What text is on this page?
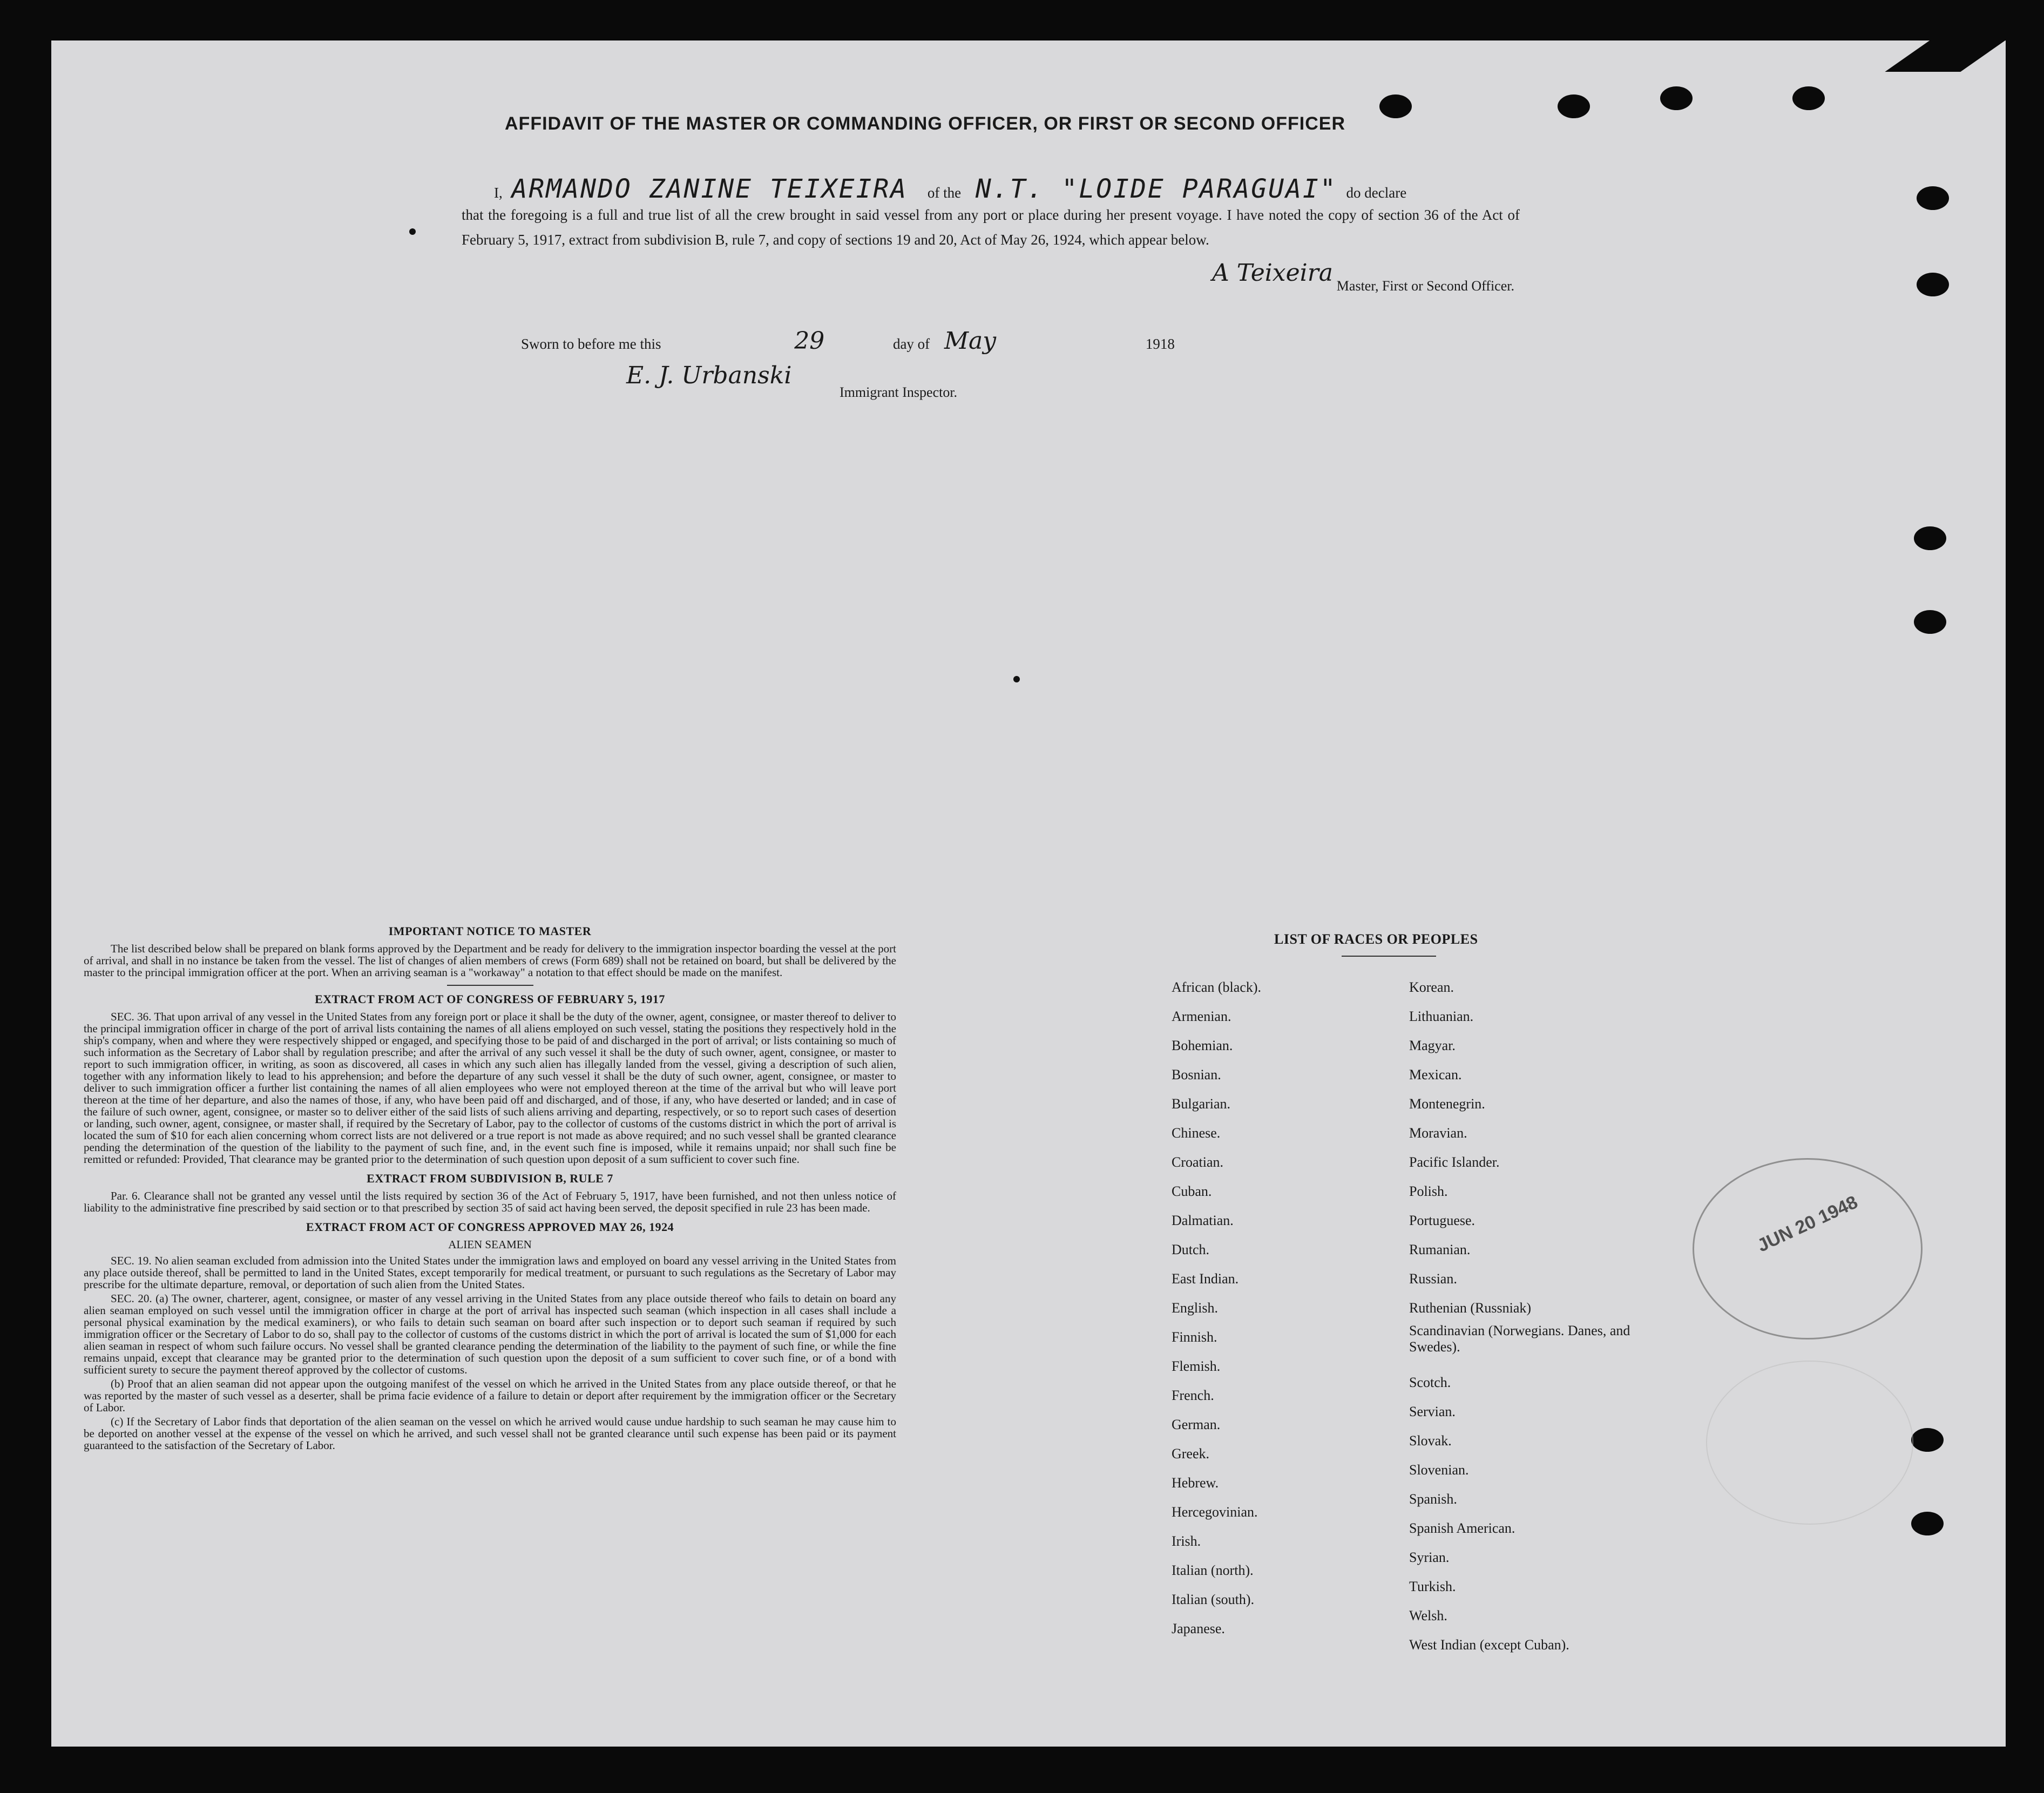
AFFIDAVIT OF THE MASTER OR COMMANDING OFFICER, OR FIRST OR SECOND OFFICER
I, ARMANDO ZANINE TEIXEIRA of the N.T. "LOIDE PARAGUAI" do declare
that the foregoing is a full and true list of all the crew brought in said vessel from any port or place during her present voyage. I have noted the copy of section 36 of the Act of February 5, 1917, extract from subdivision B, rule 7, and copy of sections 19 and 20, Act of May 26, 1924, which appear below.
A Teixeira Master, First or Second Officer.
Sworn to before me this	29	day of May	1918
E. J. Urbanski
Immigrant Inspector.
IMPORTANT NOTICE TO MASTER

The list described below shall be prepared on blank forms approved by the Department and be ready for delivery to the immigration inspector boarding the vessel at the port of arrival, and shall in no instance be taken from the vessel. The list of changes of alien members of crews (Form 689) shall not be retained on board, but shall be delivered by the master to the principal immigration officer at the port. When an arriving seaman is a "workaway" a notation to that effect should be made on the manifest.

EXTRACT FROM ACT OF CONGRESS OF FEBRUARY 5, 1917

SEC. 36. That upon arrival of any vessel in the United States from any foreign port or place it shall be the duty of the owner, agent, consignee, or master thereof to deliver to the principal immigration officer in charge of the port of arrival lists containing the names of all aliens employed on such vessel, stating the positions they respectively hold in the ship's company, when and where they were respectively shipped or engaged, and specifying those to be paid of and discharged in the port of arrival; or lists containing so much of such information as the Secretary of Labor shall by regulation prescribe; and after the arrival of any such vessel it shall be the duty of such owner, agent, consignee, or master to report to such immigration officer, in writing, as soon as discovered, all cases in which any such alien has illegally landed from the vessel, giving a description of such alien, together with any information likely to lead to his apprehension; and before the departure of any such vessel it shall be the duty of such owner, agent, consignee, or master to deliver to such immigration officer a further list containing the names of all alien employees who were not employed thereon at the time of the arrival but who will leave port thereon at the time of her departure, and also the names of those, if any, who have been paid off and discharged, and of those, if any, who have deserted or landed; and in case of the failure of such owner, agent, consignee, or master so to deliver either of the said lists of such aliens arriving and departing, respectively, or so to report such cases of desertion or landing, such owner, agent, consignee, or master shall, if required by the Secretary of Labor, pay to the collector of customs of the customs district in which the port of arrival is located the sum of $10 for each alien concerning whom correct lists are not delivered or a true report is not made as above required; and no such vessel shall be granted clearance pending the determination of the question of the liability to the payment of such fine, and, in the event such fine is imposed, while it remains unpaid; nor shall such fine be remitted or refunded: Provided, That clearance may be granted prior to the determination of such question upon deposit of a sum sufficient to cover such fine.

EXTRACT FROM SUBDIVISION B, RULE 7

Par. 6. Clearance shall not be granted any vessel until the lists required by section 36 of the Act of February 5, 1917, have been furnished, and not then unless notice of liability to the administrative fine prescribed by said section or to that prescribed by section 35 of said act having been served, the deposit specified in rule 23 has been made.

EXTRACT FROM ACT OF CONGRESS APPROVED MAY 26, 1924
ALIEN SEAMEN

SEC. 19. No alien seaman excluded from admission into the United States under the immigration laws and employed on board any vessel arriving in the United States from any place outside thereof, shall be permitted to land in the United States, except temporarily for medical treatment, or pursuant to such regulations as the Secretary of Labor may prescribe for the ultimate departure, removal, or deportation of such alien from the United States.

SEC. 20. (a) The owner, charterer, agent, consignee, or master of any vessel arriving in the United States from any place outside thereof who fails to detain on board any alien seaman employed on such vessel until the immigration officer in charge at the port of arrival has inspected such seaman (which inspection in all cases shall include a personal physical examination by the medical examiners), or who fails to detain such seaman on board after such inspection or to deport such seaman if required by such immigration officer or the Secretary of Labor to do so, shall pay to the collector of customs of the customs district in which the port of arrival is located the sum of $1,000 for each alien seaman in respect of whom such failure occurs. No vessel shall be granted clearance pending the determination of the liability to the payment of such fine, or while the fine remains unpaid, except that clearance may be granted prior to the determination of such question upon the deposit of a sum sufficient to cover such fine, or of a bond with sufficient surety to secure the payment thereof approved by the collector of customs.

(b) Proof that an alien seaman did not appear upon the outgoing manifest of the vessel on which he arrived in the United States from any place outside thereof, or that he was reported by the master of such vessel as a deserter, shall be prima facie evidence of a failure to detain or deport after requirement by the immigration officer or the Secretary of Labor.

(c) If the Secretary of Labor finds that deportation of the alien seaman on the vessel on which he arrived would cause undue hardship to such seaman he may cause him to be deported on another vessel at the expense of the vessel on which he arrived, and such vessel shall not be granted clearance until such expense has been paid or its payment guaranteed to the satisfaction of the Secretary of Labor.

LIST OF RACES OR PEOPLES
African (black).
Armenian.
Bohemian.
Bosnian.
Bulgarian.
Chinese.
Croatian.
Cuban.
Dalmatian.
Dutch.
East Indian.
English.
Finnish.
Flemish.
French.
German.
Greek.
Hebrew.
Hercegovinian.
Irish.
Italian (north).
Italian (south).
Japanese.
Korean.
Lithuanian.
Magyar.
Mexican.
Montenegrin.
Moravian.
Pacific Islander.
Polish.
Portuguese.
Rumanian.
Russian.
Ruthenian (Russniak)
Scandinavian (Norwegians. Danes, and Swedes).
Scotch.
Servian.
Slovak.
Slovenian.
Spanish.
Spanish American.
Syrian.
Turkish.
Welsh.
West Indian (except Cuban).
JUN 20 1948
